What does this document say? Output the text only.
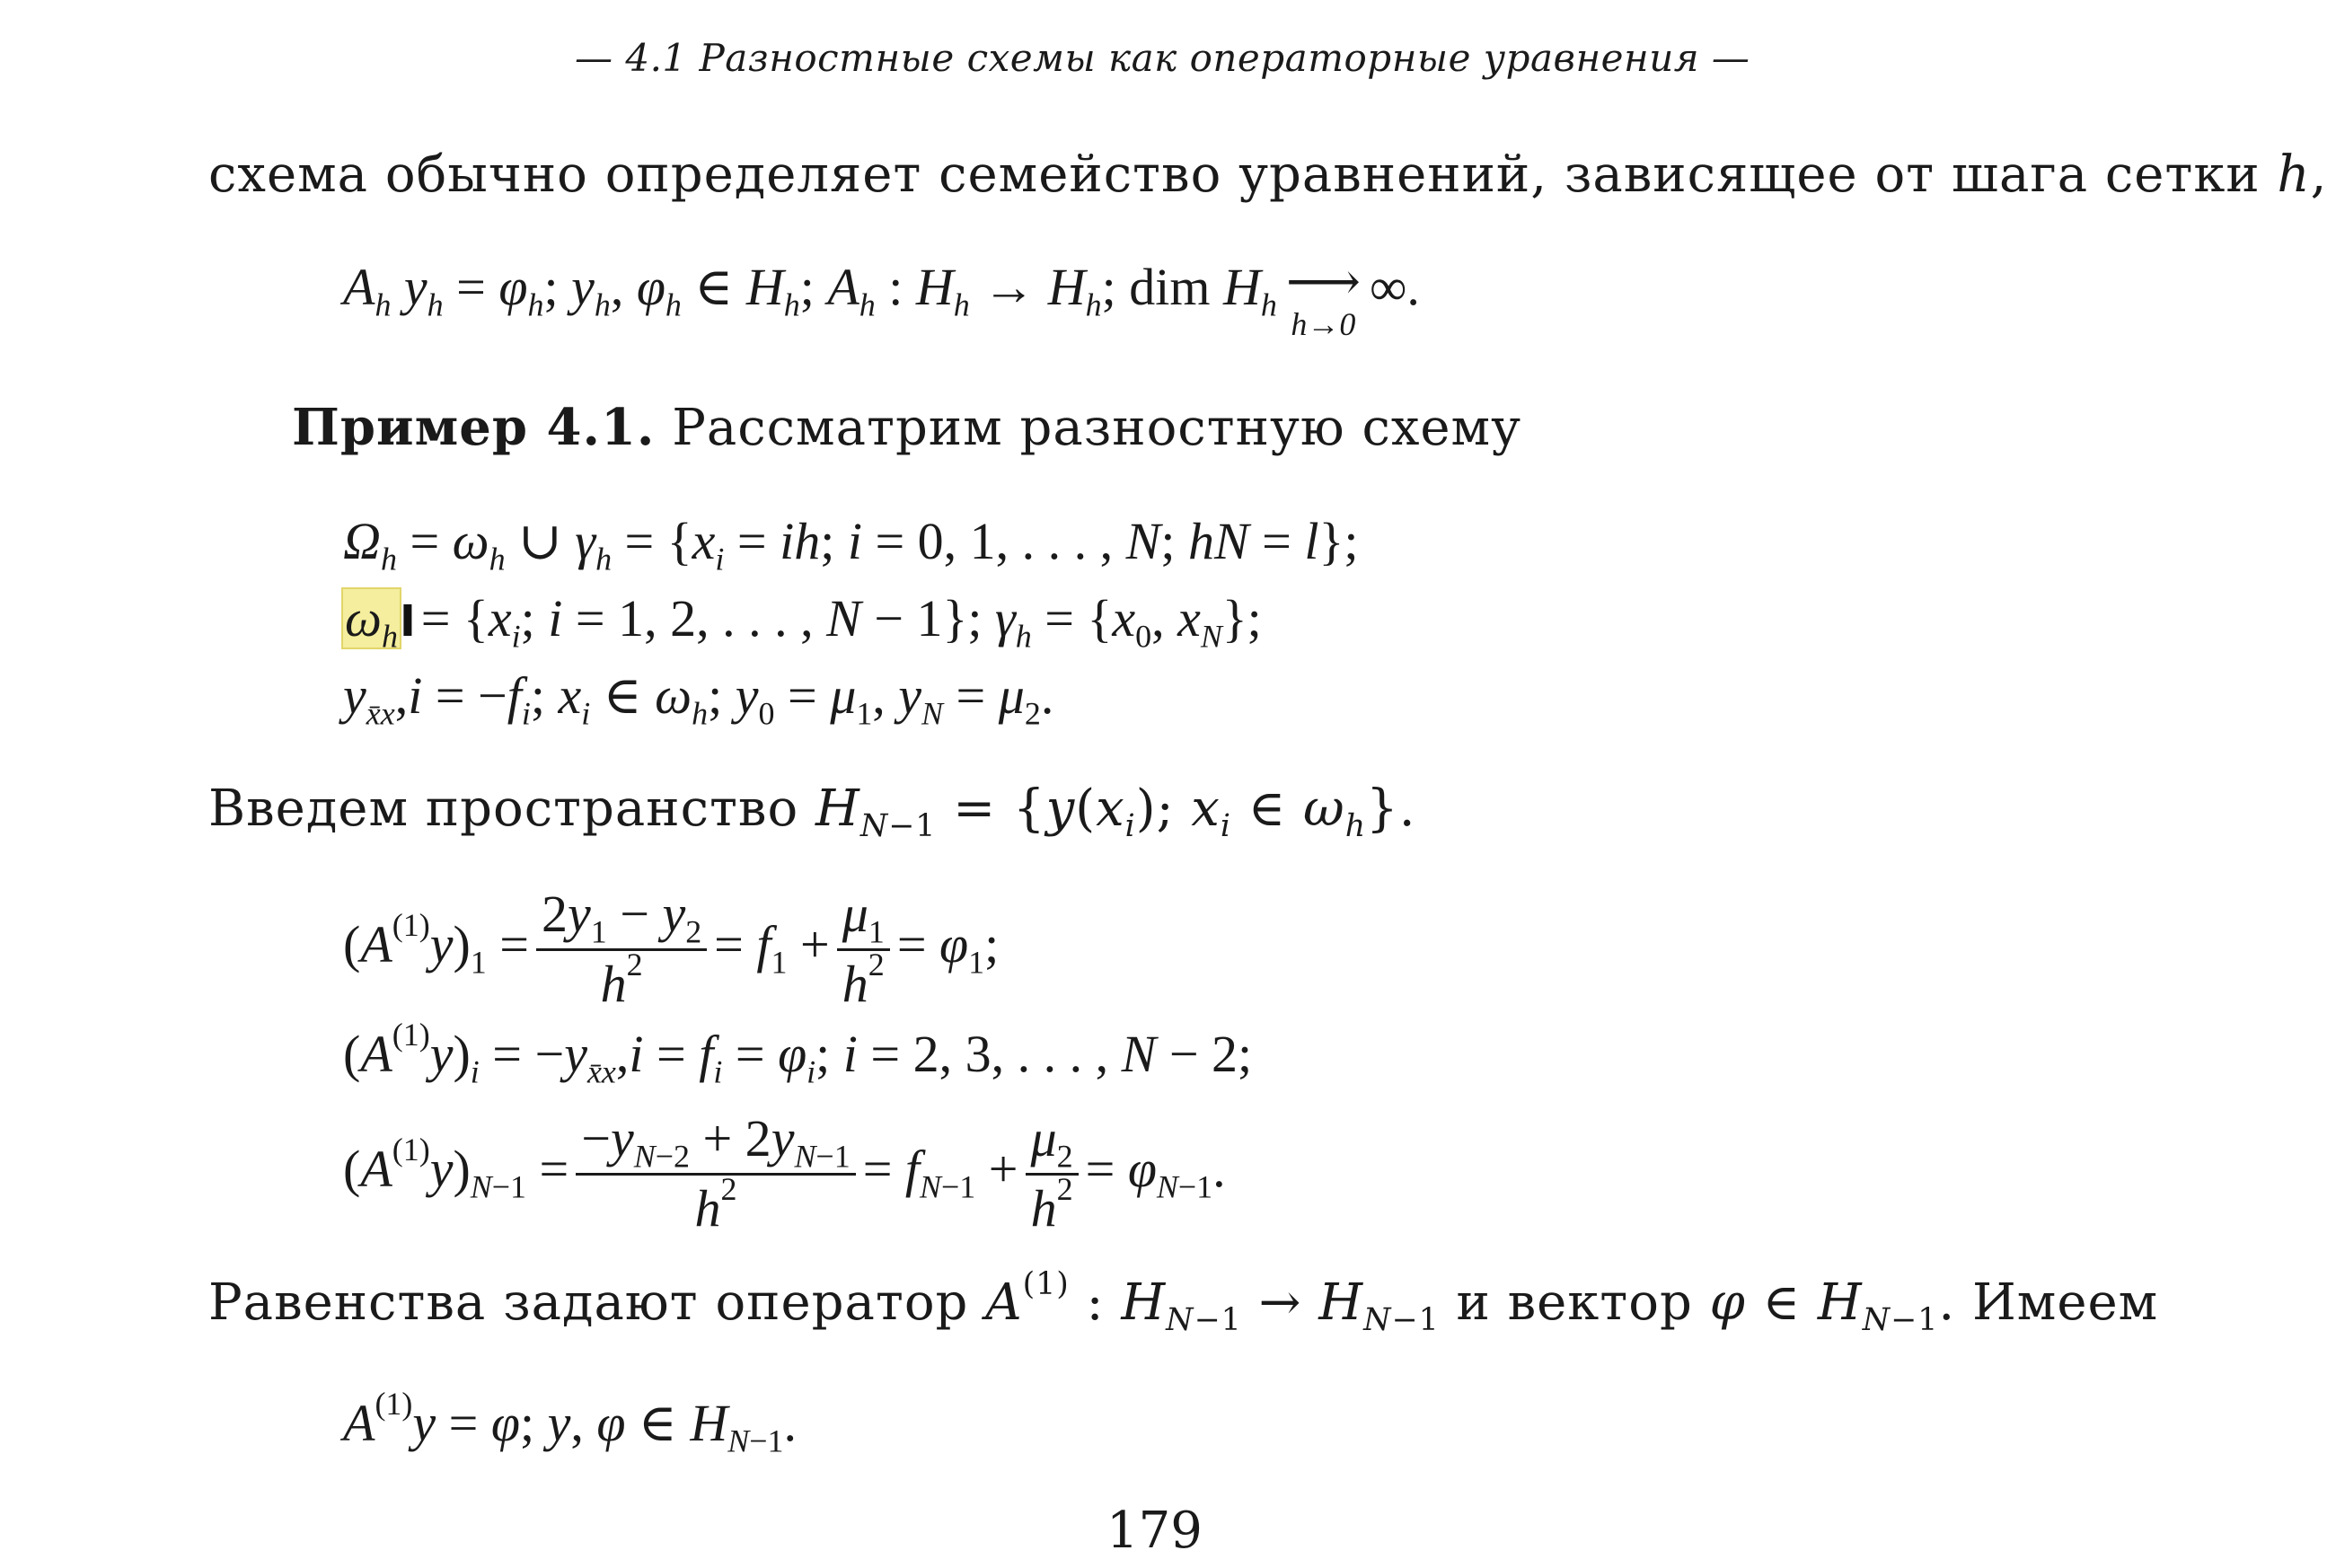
— 4.1 Разностные схемы как операторные уравнения —
схема обычно определяет семейство уравнений, зависящее от шага сетки h,
$A_h$ $y_h = \varphi_h$; $y_h$, $\varphi_h$ ∈ $H_h$; $A_h$ : $H_h \to H_h$; dim $H_h$ ⟶
h→0
∞.
Пример 4.1. Рассматрим разностную схему
$\Omega_h = \omega_h$ ∪ $\gamma_h = \{x_i$ = ih; i = 0, 1, . . . , N; hN = l};
$\omega_hI = \{x_i$; i = 1, 2, . . . , N − 1}; $\gamma_h = \{x_0$, $x_N$};
$y_{xx},i = -f_i$; $x_i$ ∈ $\omega_h$; $y_0 = \mu_1$, $y_N = \mu_2$.
Введем пространство $H_{N-1} = \{y(x_i)$; $x_i$ ∈ $\omega_h$}.
$(A^{(1)}y)_1 = \frac{2y_1 - y_2}{h^2} = f_1 + \frac{\mu_1}{h^2} = \varphi_1$;
$(A^{(1)}y)_i = -y_{xx},i = f_i = \varphi_i$; i = 2, 3, . . . , N − 2;
$(A^{(1)}y)_{N-1} = \frac{-y_{N-2} + 2y_{N-1}}{h^2} = f_{N-1} + \frac{\mu_2}{h^2} = \varphi_{N-1}$.
Равенства задают оператор $A^{(1)}$ : $H_{N-1} \to H_{N-1}$ и вектор φ ∈ $H_{N-1}$. Имеем
$A^{(1)}y = \varphi$; y, φ ∈ $H_{N-1}$.
179
